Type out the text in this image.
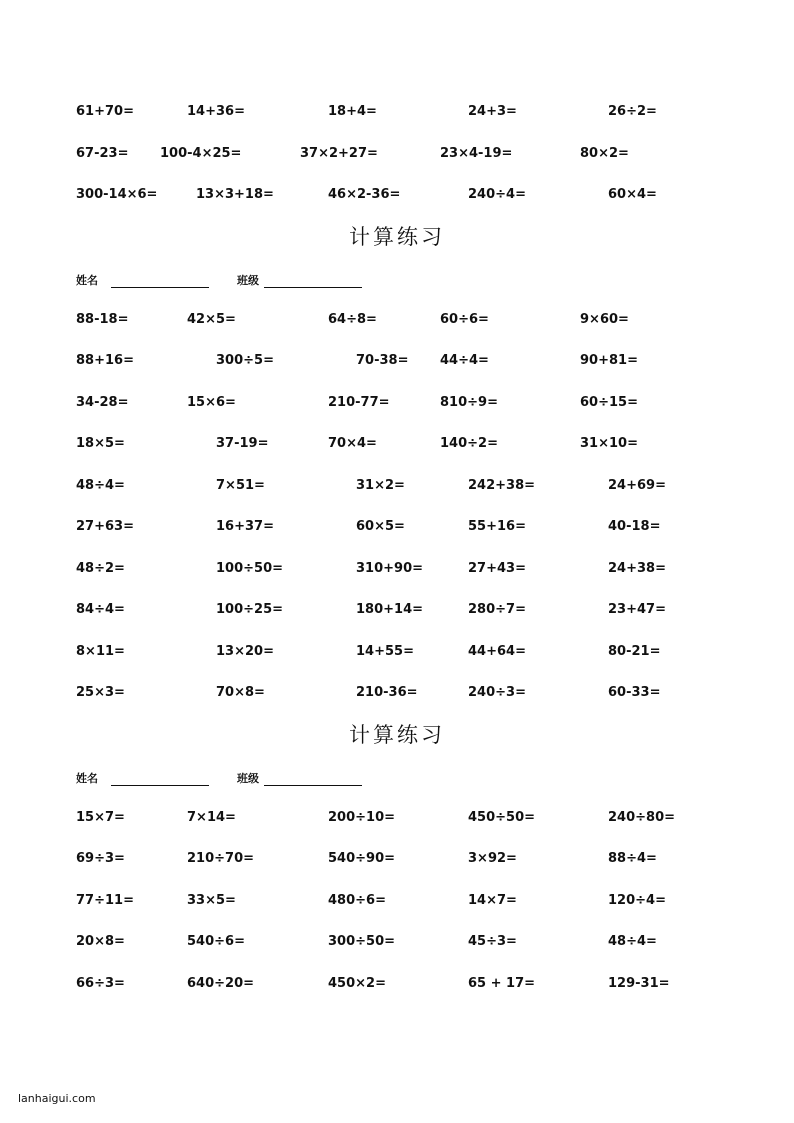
61+70=	14+36=	18+4=	24+3=	26÷2=
67-23= 100-4×25=	37×2+27=	23×4-19=	80×2=
300-14×6=	13×3+18=	46×2-36=	240÷4=	60×4=
计算练习
姓名	班级
88-18=	42×5=	64÷8=	60÷6=	9×60=
88+16=	300÷5=	70-38= 44÷4=	90+81=
34-28=	15×6=	210-77=	810÷9=	60÷15=
18×5=	37-19=	70×4=	140÷2=	31×10=
48÷4=	7×51=	31×2=	242+38=	24+69=
27+63=	16+37=	60×5=	55+16=	40-18=
48÷2=	100÷50=	310+90=	27+43=	24+38=
84÷4=	100÷25=	180+14=	280÷7=	23+47=
8×11=	13×20=	14+55=	44+64=	80-21=
25×3=	70×8=	210-36=	240÷3=	60-33=
计算练习
姓名	班级
15×7=	7×14=	200÷10=	450÷50=	240÷80=
69÷3=	210÷70=	540÷90=	3×92=	88÷4=
77÷11=	33×5=	480÷6=	14×7=	120÷4=
20×8=	540÷6=	300÷50=	45÷3=	48÷4=
66÷3=	640÷20=	450×2=	65 + 17=	129-31=
lanhaigui.com
